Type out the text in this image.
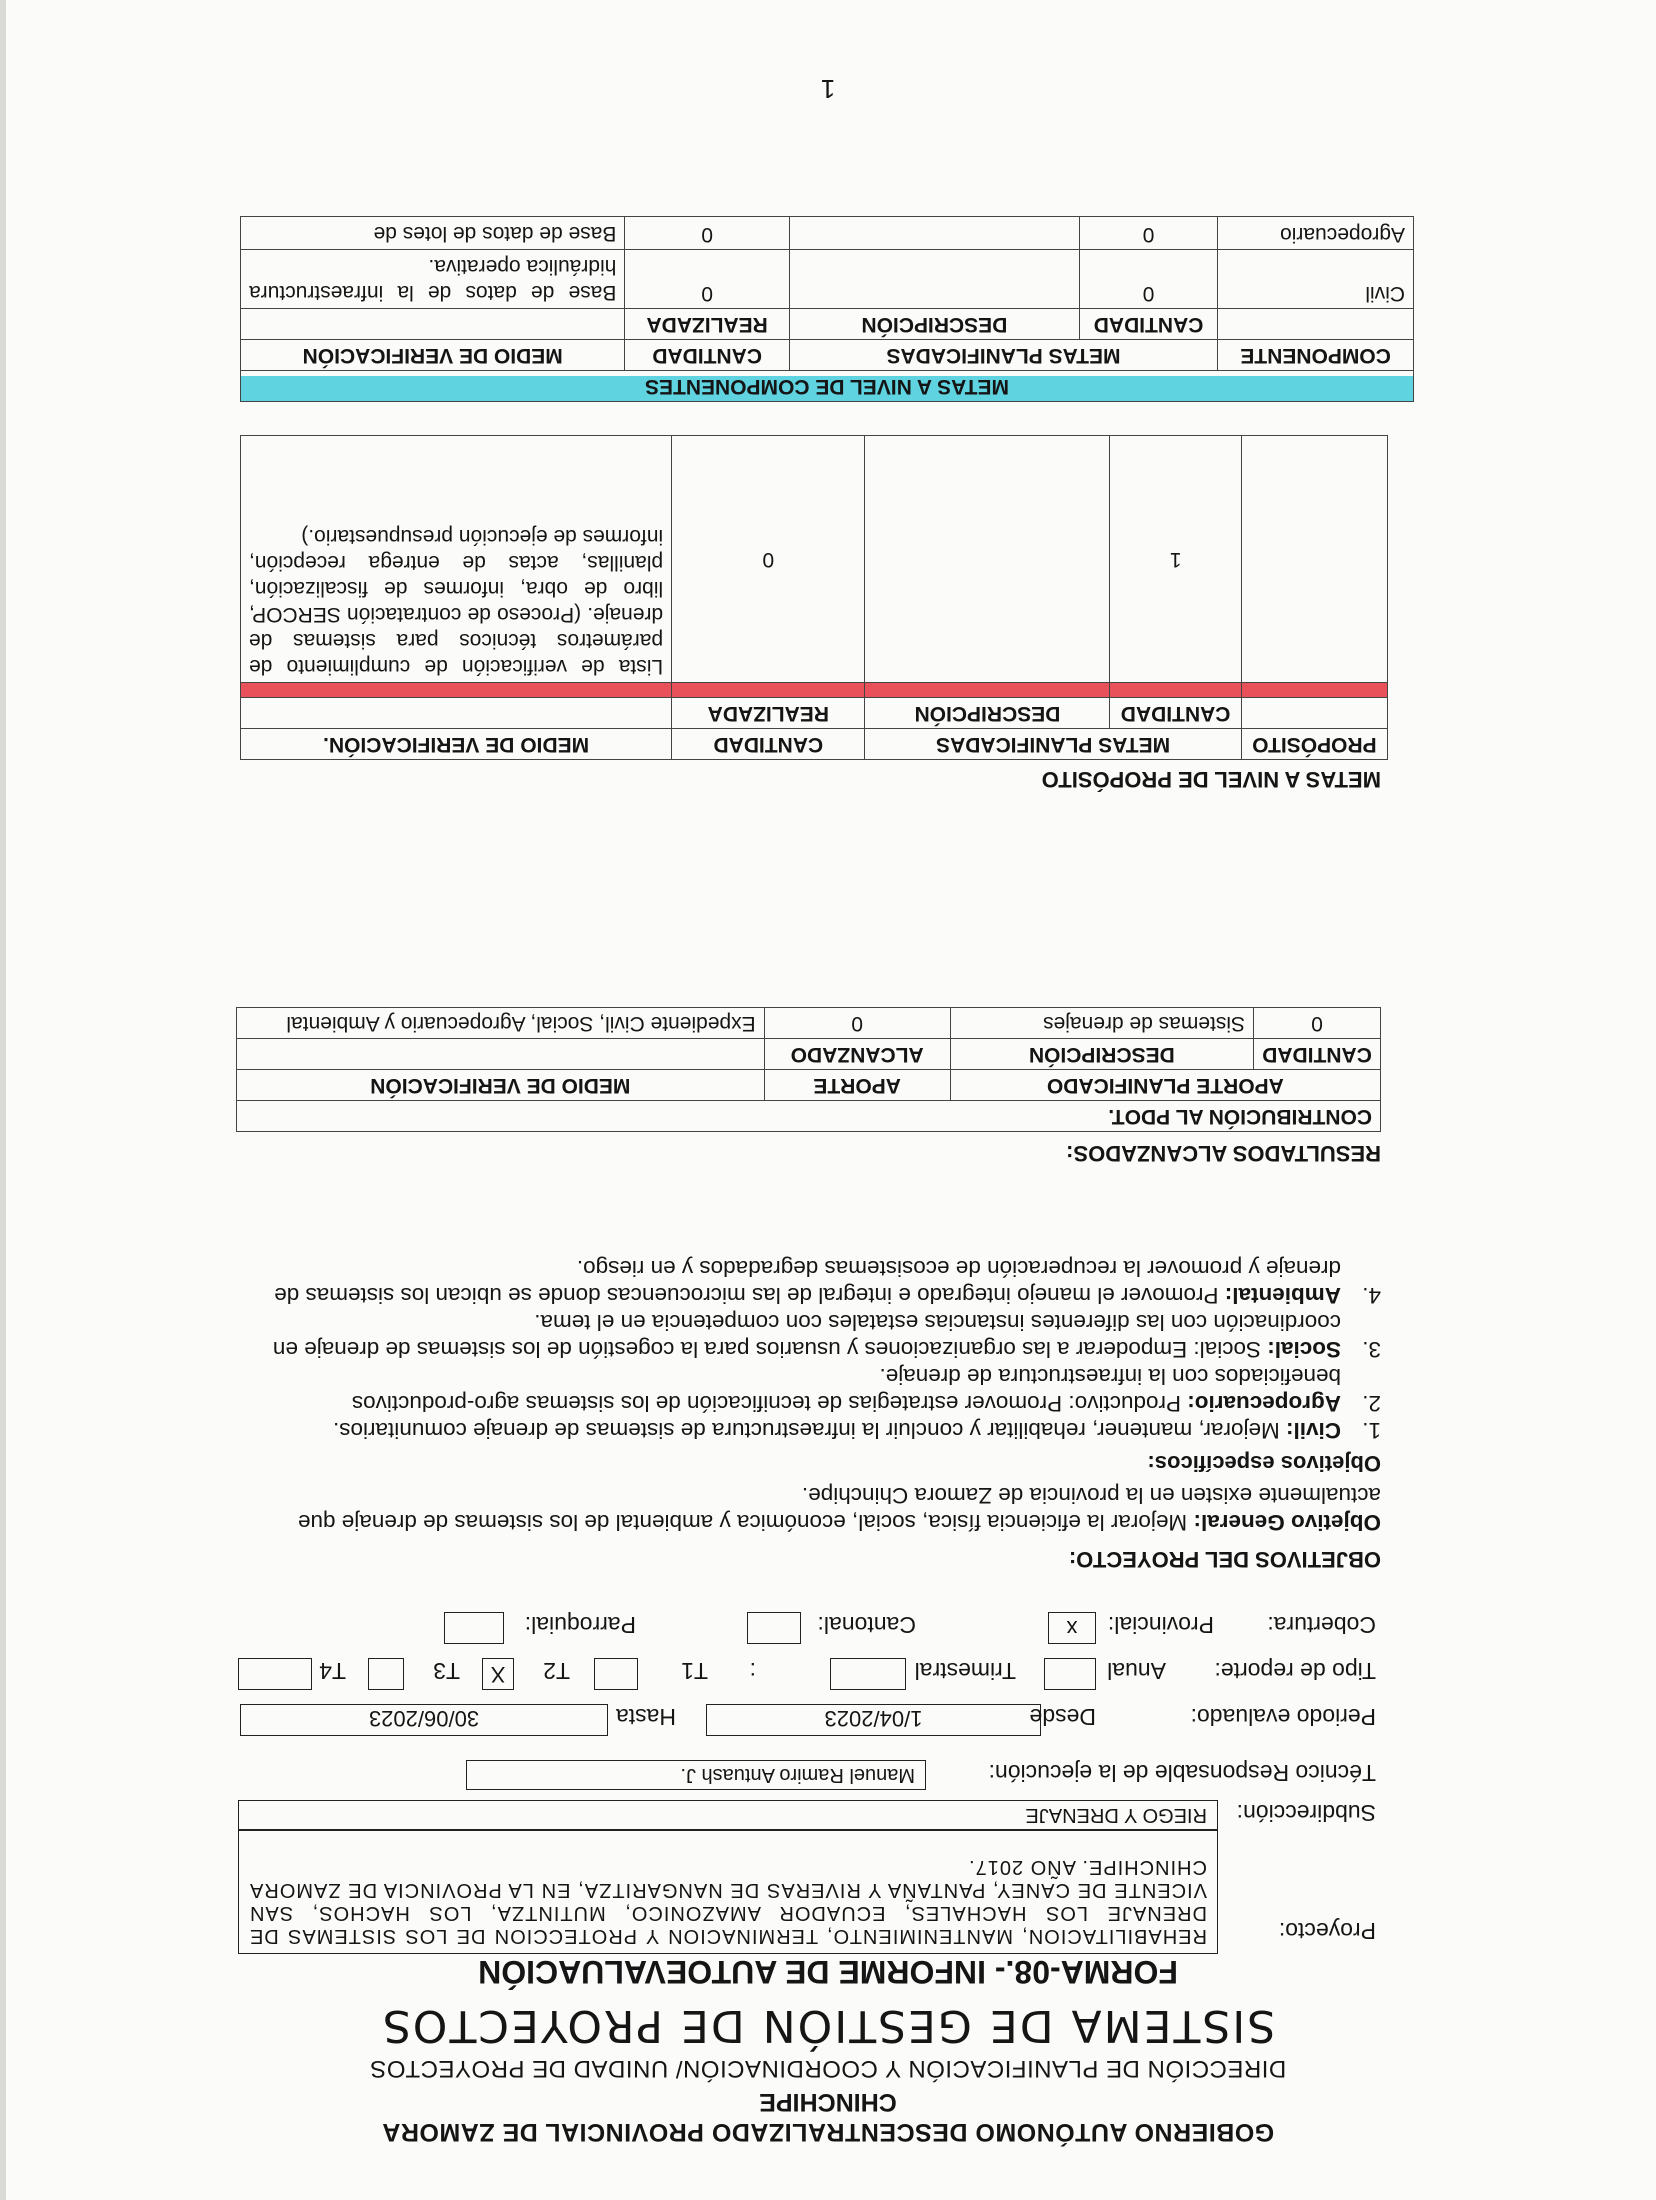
GOBIERNO AUTÓNOMO DESCENTRALIZADO PROVINCIAL DE ZAMORA
CHINCHIPE
DIRECCIÓN DE PLANIFICACIÓN Y COORDINACIÓN/ UNIDAD DE PROYECTOS
SISTEMA DE GESTIÓN DE PROYECTOS
FORMA-08.- INFORME DE AUTOEVALUACIÓN
Proyecto:
REHABILITACION, MANTENIMIENTO, TERMINACION Y PROTECCION DE LOS SISTEMAS DE DRENAJE LOS HACHALES, ECUADOR AMAZONICO, MUTINTZA, LOS HACHOS, SAN VICENTE DE CANEY, PANTAÑA Y RIVERAS DE NANGARITZA, EN LA PROVINCIA DE ZAMORA CHINCHIPE. AÑO 2017.
Subdirección:
RIEGO Y DRENAJE
Técnico Responsable de la ejecución:
Manuel Ramiro Antuash J.
Periodo evaluado:
Desde
1/04/2023
Hasta
30/06/2023
Tipo de reporte:
Anual
Trimestral
:
T1
T2
X
T3
T4
Cobertura:
Provincial:
x
Cantonal:
Parroquial:
OBJETIVOS DEL PROYECTO:
Objetivo General: Mejorar la eficiencia física, social, económica y ambiental de los sistemas de drenaje que actualmente existen en la provincia de Zamora Chinchipe.
Objetivos específicos:
1.
Civil: Mejorar, mantener, rehabilitar y concluir la infraestructura de sistemas de drenaje comunitarios.
2.
Agropecuario: Productivo: Promover estrategias de tecnificación de los sistemas agro-productivos beneficiados con la infraestructura de drenaje.
3.
Social: Social: Empoderar a las organizaciones y usuarios para la cogestión de los sistemas de drenaje en coordinación con las diferentes instancias estatales con competencia en el tema.
4.
Ambiental: Promover el manejo integrado e integral de las microcuencas donde se ubican los sistemas de drenaje y promover la recuperación de ecosistemas degradados y en riesgo.
RESULTADOS ALCANZADOS:
CONTRIBUCIÓN AL PDOT.			
APORTE PLANIFICADO		APORTE	MEDIO DE VERIFICACIÓN
CANTIDAD	DESCRIPCIÓN	ALCANZADO	
0	Sistemas de drenajes	0	Expediente Civil, Social, Agropecuario y Ambiental
METAS A NIVEL DE PROPÓSITO
PROPÓSITO	METAS PLANIFICADAS		CANTIDAD	MEDIO DE VERIFICACIÓN.
	CANTIDAD	DESCRIPCIÓN	REALIZADA	

	1		0	Lista de verificación de cumplimiento de parámetros técnicos para sistemas de drenaje. (Proceso de contratación SERCOP, libro de obra, informes de fiscalización, planillas, actas de entrega recepción, informes de ejecución presupuestario.)
METAS A NIVEL DE COMPONENTES				
COMPONENTE	METAS PLANIFICADAS		CANTIDAD	MEDIO DE VERIFICACIÓN
	CANTIDAD	DESCRIPCIÓN	REALIZADA	
Civil	0		0	Base de datos de la infraestructura hidráulica operativa.
Agropecuario	0		0	Base de datos de lotes de
1
